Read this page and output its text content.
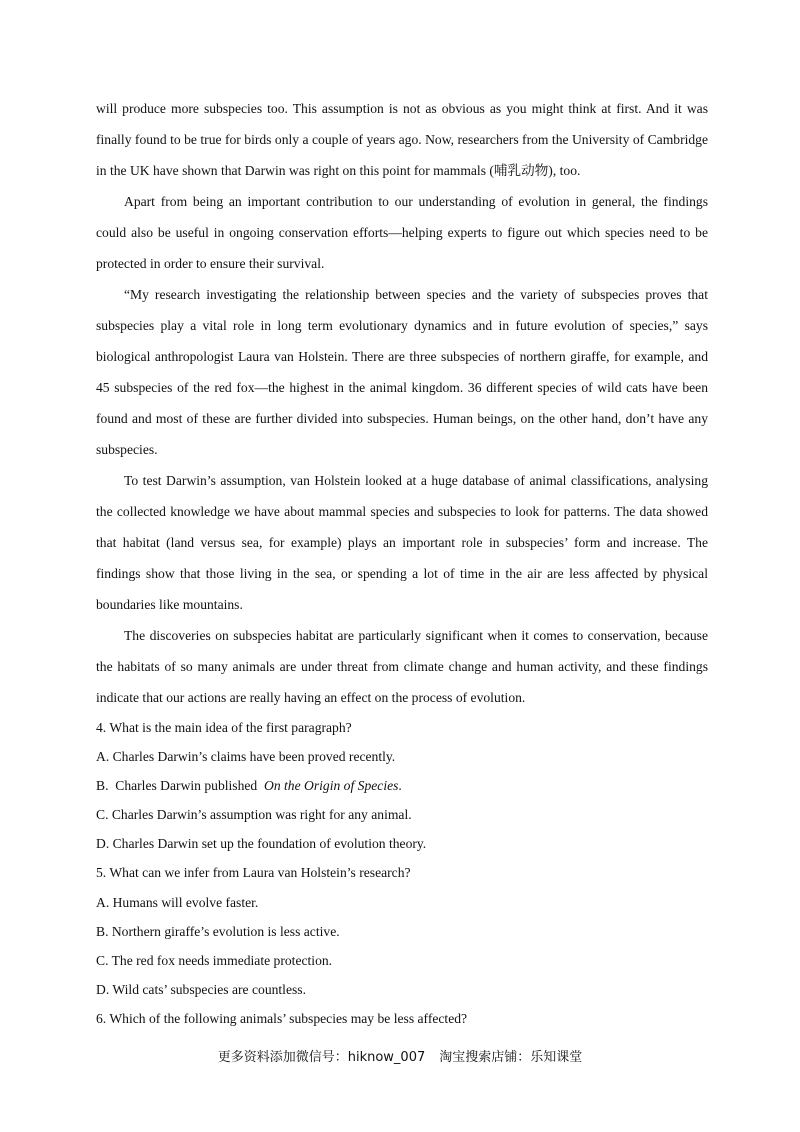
will produce more subspecies too. This assumption is not as obvious as you might think at first. And it was finally found to be true for birds only a couple of years ago. Now, researchers from the University of Cambridge in the UK have shown that Darwin was right on this point for mammals (哺乳动物), too.

Apart from being an important contribution to our understanding of evolution in general, the findings could also be useful in ongoing conservation efforts—helping experts to figure out which species need to be protected in order to ensure their survival.

“My research investigating the relationship between species and the variety of subspecies proves that subspecies play a vital role in long term evolutionary dynamics and in future evolution of species,” says biological anthropologist Laura van Holstein. There are three subspecies of northern giraffe, for example, and 45 subspecies of the red fox—the highest in the animal kingdom. 36 different species of wild cats have been found and most of these are further divided into subspecies. Human beings, on the other hand, don’t have any subspecies.

To test Darwin’s assumption, van Holstein looked at a huge database of animal classifications, analysing the collected knowledge we have about mammal species and subspecies to look for patterns. The data showed that habitat (land versus sea, for example) plays an important role in subspecies’ form and increase. The findings show that those living in the sea, or spending a lot of time in the air are less affected by physical boundaries like mountains.

The discoveries on subspecies habitat are particularly significant when it comes to conservation, because the habitats of so many animals are under threat from climate change and human activity, and these findings indicate that our actions are really having an effect on the process of evolution.

4. What is the main idea of the first paragraph?

A. Charles Darwin’s claims have been proved recently.

B.  Charles Darwin published  On the Origin of Species.

C. Charles Darwin’s assumption was right for any animal.

D. Charles Darwin set up the foundation of evolution theory.

5. What can we infer from Laura van Holstein’s research?

A. Humans will evolve faster.

B. Northern giraffe’s evolution is less active.

C. The red fox needs immediate protection.

D. Wild cats’ subspecies are countless.

6. Which of the following animals’ subspecies may be less affected?

更多资料添加微信号：hiknow_007 淘宝搜索店铺：乐知课堂
